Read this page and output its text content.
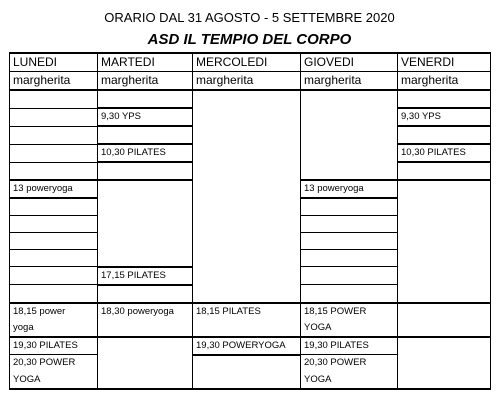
ORARIO DAL 31 AGOSTO - 5 SETTEMBRE 2020
ASD IL TEMPIO DEL CORPO
LUNEDI	MARTEDI	MERCOLEDI	GIOVEDI	VENERDI
margherita	margherita	margherita	margherita	margherita

	9,30 YPS			9,30 YPS

	10,30 PILATES			10,30 PILATES

13 poweryoga			13 poweryoga	

	17,15 PILATES			

18,15 power	18,30 poweryoga	18,15 PILATES	18,15 POWER	
yoga			YOGA	
19,30 PILATES		19,30 POWERYOGA	19,30 PILATES	
20,30 POWER			20,30 POWER	
YOGA			YOGA	
